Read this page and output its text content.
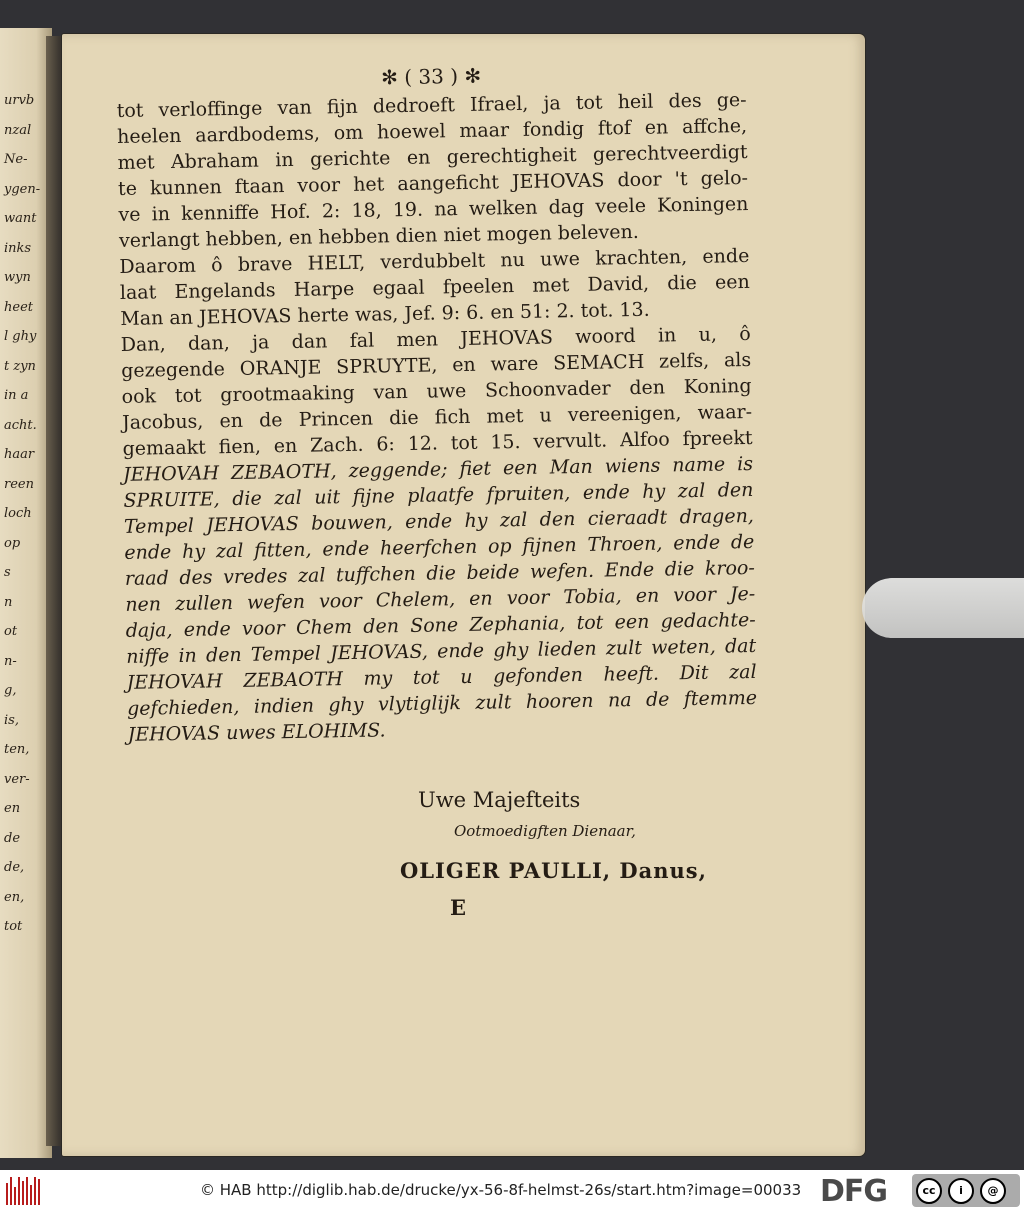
urvb
nzal
Ne-
ygen-
want
inks
wyn
heet
l ghy
t zyn
in a
acht.
haar
reen
loch
op
s
n
ot
n-
g,
is,
ten,
ver-
en
de
de,
en,
tot
✻ ( 33 ) ✻
tot verloffinge van fijn dedroeft Ifrael, ja tot heil des ge-
heelen aardbodems, om hoewel maar fondig ftof en affche,
met Abraham in gerichte en gerechtigheit gerechtveerdigt
te kunnen ftaan voor het aangeficht JEHOVAS door 't gelo-
ve in kenniffe Hof. 2: 18, 19. na welken dag veele Koningen
verlangt hebben, en hebben dien niet mogen beleven.
Daarom ô brave HELT, verdubbelt nu uwe krachten, ende
laat Engelands Harpe egaal fpeelen met David, die een
Man an JEHOVAS herte was, Jef. 9: 6. en 51: 2. tot. 13.
Dan, dan, ja dan fal men JEHOVAS woord in u, ô
gezegende ORANJE SPRUYTE, en ware SEMACH zelfs, als
ook tot grootmaaking van uwe Schoonvader den Koning
Jacobus, en de Princen die fich met u vereenigen, waar-
gemaakt fien, en Zach. 6: 12. tot 15. vervult. Alfoo fpreekt
JEHOVAH ZEBAOTH, zeggende; fiet een Man wiens name is
SPRUITE, die zal uit fijne plaatfe fpruiten, ende hy zal den
Tempel JEHOVAS bouwen, ende hy zal den cieraadt dragen,
ende hy zal fitten, ende heerfchen op fijnen Throen, ende de
raad des vredes zal tuffchen die beide wefen. Ende die kroo-
nen zullen wefen voor Chelem, en voor Tobia, en voor Je-
daja, ende voor Chem den Sone Zephania, tot een gedachte-
niffe in den Tempel JEHOVAS, ende ghy lieden zult weten, dat
JEHOVAH ZEBAOTH my tot u gefonden heeft. Dit zal
gefchieden, indien ghy vlytiglijk zult hooren na de ftemme
JEHOVAS uwes ELOHIMS.
Uwe Majefteits
Ootmoedigften Dienaar,
OLIGER PAULLI, Danus,
E
© HAB http://diglib.hab.de/drucke/yx-56-8f-helmst-26s/start.htm?image=00033 DFG	cc	i	@
